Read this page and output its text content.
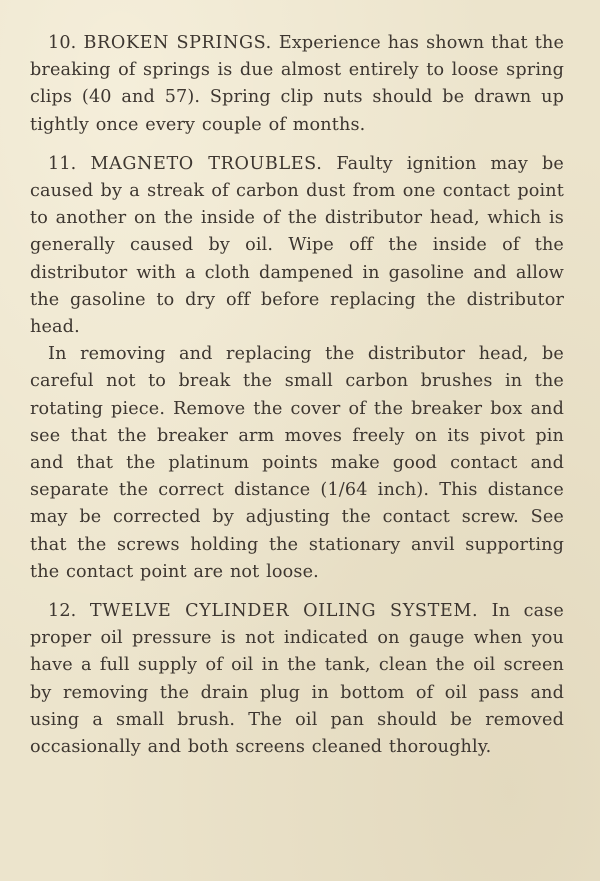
10. BROKEN SPRINGS. Experience has shown that the breaking of springs is due almost entirely to loose spring clips (40 and 57). Spring clip nuts should be drawn up tightly once every couple of months.

11. MAGNETO TROUBLES. Faulty ignition may be caused by a streak of carbon dust from one contact point to another on the inside of the distributor head, which is generally caused by oil. Wipe off the inside of the distributor with a cloth dampened in gasoline and allow the gasoline to dry off before replacing the distributor head.

In removing and replacing the distributor head, be careful not to break the small carbon brushes in the rotating piece. Remove the cover of the breaker box and see that the breaker arm moves freely on its pivot pin and that the platinum points make good contact and separate the correct distance (1/64 inch). This distance may be corrected by adjusting the contact screw. See that the screws holding the stationary anvil supporting the contact point are not loose.

12. TWELVE CYLINDER OILING SYSTEM. In case proper oil pressure is not indicated on gauge when you have a full supply of oil in the tank, clean the oil screen by removing the drain plug in bottom of oil pass and using a small brush. The oil pan should be removed occasionally and both screens cleaned thoroughly.
